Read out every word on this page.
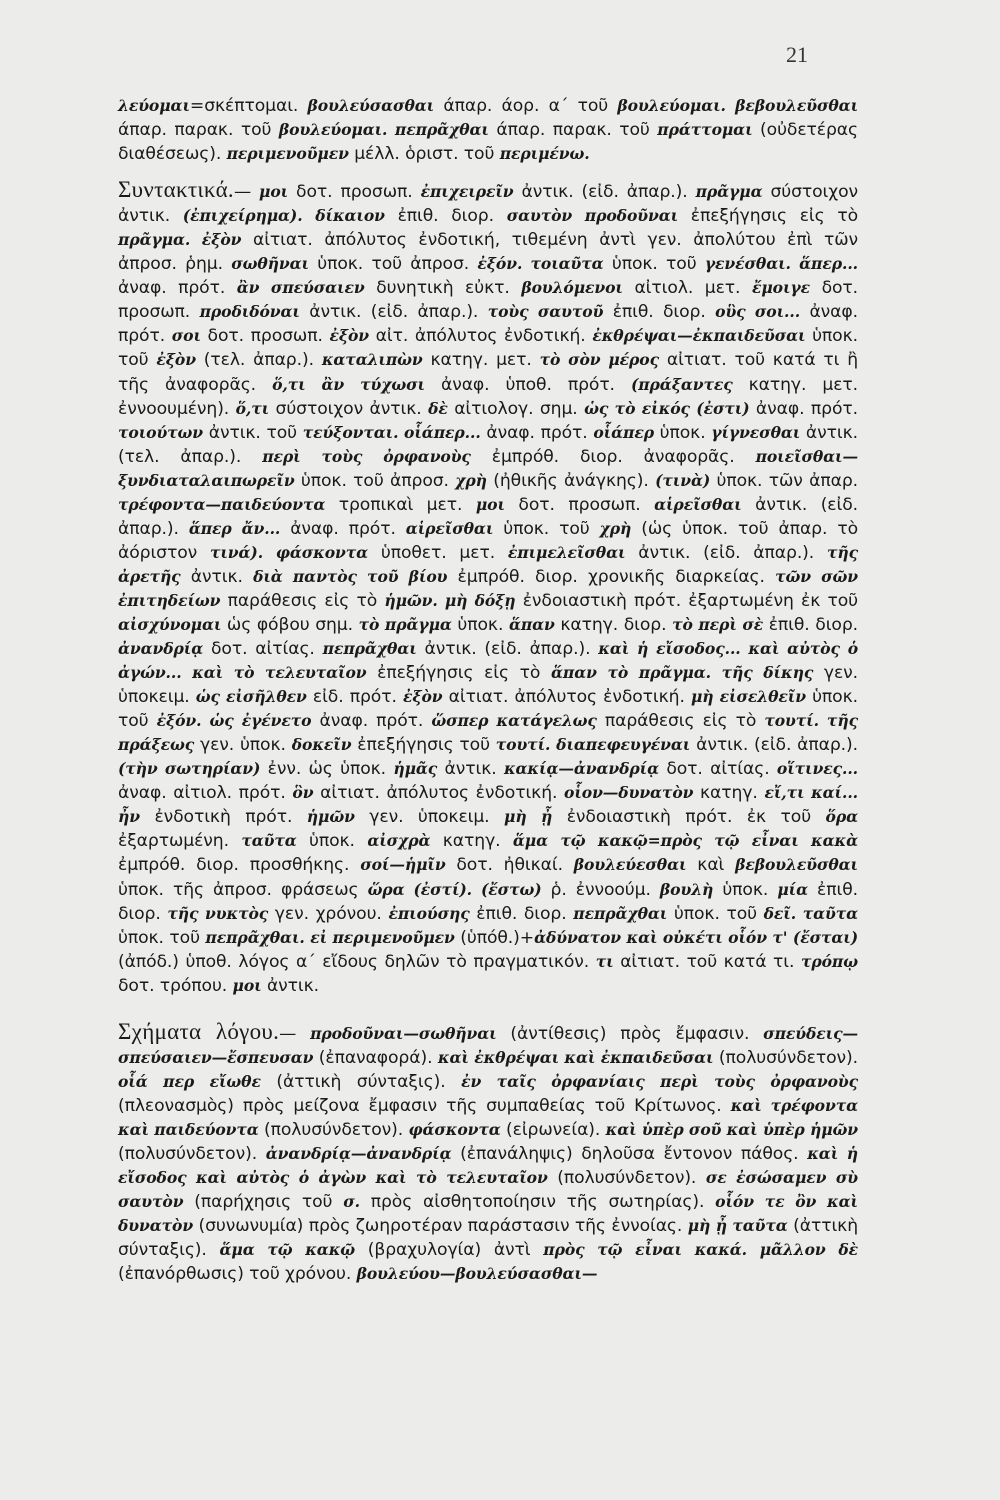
21

λεύομαι=σκέπτομαι. βουλεύσασθαι άπαρ. άορ. α΄ τοῦ βουλεύομαι. βεβουλεῦσθαι άπαρ. παρακ. τοῦ βουλεύομαι. πεπρᾶχθαι άπαρ. παρακ. τοῦ πράττομαι (οὐδετέρας διαθέσεως). περιμενοῦμεν μέλλ. ὁριστ. τοῦ περιμένω.

Συντακτικά.— μοι δοτ. προσωπ. ἐπιχειρεῖν ἀντικ. (εἰδ. ἀπαρ.). πρᾶγμα σύστοιχον ἀντικ. (ἐπιχείρημα). δίκαιον ἐπιθ. διορ. σαυτὸν προδοῦναι ἐπεξήγησις εἰς τὸ πρᾶγμα. ἐξὸν αἰτιατ. ἀπόλυτος ἐνδοτική, τιθεμένη ἀντὶ γεν. ἀπολύτου ἐπὶ τῶν ἀπροσ. ῥημ. σωθῆναι ὑποκ. τοῦ ἀπροσ. ἐξόν. τοιαῦτα ὑποκ. τοῦ γενέσθαι. ἅπερ... ἀναφ. πρότ. ἂν σπεύσαιεν δυνητικὴ εὐκτ. βουλόμενοι αἰτιολ. μετ. ἔμοιγε δοτ. προσωπ. προδιδόναι ἀντικ. (εἰδ. ἀπαρ.). τοὺς σαυτοῦ ἐπιθ. διορ. οὓς σοι... ἀναφ. πρότ. σοι δοτ. προσωπ. ἐξὸν αἰτ. ἀπόλυτος ἐνδοτική. ἐκθρέψαι—ἐκπαιδεῦσαι ὑποκ. τοῦ ἐξὸν (τελ. ἀπαρ.). καταλιπὼν κατηγ. μετ. τὸ σὸν μέρος αἰτιατ. τοῦ κατά τι ἢ τῆς ἀναφορᾶς. ὅ,τι ἂν τύχωσι ἀναφ. ὑποθ. πρότ. (πράξαντες κατηγ. μετ. ἐννοουμένη). ὅ,τι σύστοιχον ἀντικ. δὲ αἰτιολογ. σημ. ὡς τὸ εἰκός (ἐστι) ἀναφ. πρότ. τοιούτων ἀντικ. τοῦ τεύξονται. οἷάπερ... ἀναφ. πρότ. οἷάπερ ὑποκ. γίγνεσθαι ἀντικ. (τελ. ἀπαρ.). περὶ τοὺς ὀρφανοὺς ἐμπρόθ. διορ. ἀναφορᾶς. ποιεῖσθαι—ξυνδιαταλαιπωρεῖν ὑποκ. τοῦ ἀπροσ. χρὴ (ἠθικῆς ἀνάγκης). (τινὰ) ὑποκ. τῶν ἀπαρ. τρέφοντα—παιδεύοντα τροπικαὶ μετ. μοι δοτ. προσωπ. αἱρεῖσθαι ἀντικ. (εἰδ. ἀπαρ.). ἅπερ ἄν... ἀναφ. πρότ. αἱρεῖσθαι ὑποκ. τοῦ χρὴ (ὡς ὑποκ. τοῦ ἀπαρ. τὸ ἀόριστον τινά). φάσκοντα ὑποθετ. μετ. ἐπιμελεῖσθαι ἀντικ. (εἰδ. ἀπαρ.). τῆς ἀρετῆς ἀντικ. διὰ παντὸς τοῦ βίου ἐμπρόθ. διορ. χρονικῆς διαρκείας. τῶν σῶν ἐπιτηδείων παράθεσις εἰς τὸ ἡμῶν. μὴ δόξῃ ἐνδοιαστικὴ πρότ. ἐξαρτωμένη ἐκ τοῦ αἰσχύνομαι ὡς φόβου σημ. τὸ πρᾶγμα ὑποκ. ἅπαν κατηγ. διορ. τὸ περὶ σὲ ἐπιθ. διορ. ἀνανδρίᾳ δοτ. αἰτίας. πεπρᾶχθαι ἀντικ. (εἰδ. ἀπαρ.). καὶ ἡ εἴσοδος... καὶ αὐτὸς ὁ ἀγών... καὶ τὸ τελευταῖον ἐπεξήγησις εἰς τὸ ἅπαν τὸ πρᾶγμα. τῆς δίκης γεν. ὑποκειμ. ὡς εἰσῆλθεν εἰδ. πρότ. ἐξὸν αἰτιατ. ἀπόλυτος ἐνδοτική. μὴ εἰσελθεῖν ὑποκ. τοῦ ἐξόν. ὡς ἐγένετο ἀναφ. πρότ. ὥσπερ κατάγελως παράθεσις εἰς τὸ τουτί. τῆς πράξεως γεν. ὑποκ. δοκεῖν ἐπεξήγησις τοῦ τουτί. διαπεφευγέναι ἀντικ. (εἰδ. ἀπαρ.). (τὴν σωτηρίαν) ἐνν. ὡς ὑποκ. ἡμᾶς ἀντικ. κακίᾳ—ἀνανδρίᾳ δοτ. αἰτίας. οἵτινες... ἀναφ. αἰτιολ. πρότ. ὃν αἰτιατ. ἀπόλυτος ἐνδοτική. οἷον—δυνατὸν κατηγ. εἴ,τι καί... ἦν ἐνδοτικὴ πρότ. ἡμῶν γεν. ὑποκειμ. μὴ ᾖ ἐνδοιαστικὴ πρότ. ἐκ τοῦ ὅρα ἐξαρτωμένη. ταῦτα ὑποκ. αἰσχρὰ κατηγ. ἅμα τῷ κακῷ=πρὸς τῷ εἶναι κακὰ ἐμπρόθ. διορ. προσθήκης. σοί—ἡμῖν δοτ. ἠθικαί. βουλεύεσθαι καὶ βεβουλεῦσθαι ὑποκ. τῆς ἀπροσ. φράσεως ὥρα (ἐστί). (ἔστω) ῥ. ἐννοούμ. βουλὴ ὑποκ. μία ἐπιθ. διορ. τῆς νυκτὸς γεν. χρόνου. ἐπιούσης ἐπιθ. διορ. πεπρᾶχθαι ὑποκ. τοῦ δεῖ. ταῦτα ὑποκ. τοῦ πεπρᾶχθαι. εἰ περιμενοῦμεν (ὑπόθ.)+ἀδύνατον καὶ οὐκέτι οἷόν τ' (ἔσται) (ἀπόδ.) ὑποθ. λόγος α΄ εἴδους δηλῶν τὸ πραγματικόν. τι αἰτιατ. τοῦ κατά τι. τρόπῳ δοτ. τρόπου. μοι ἀντικ.

Σχήματα λόγου.— προδοῦναι—σωθῆναι (ἀντίθεσις) πρὸς ἔμφασιν. σπεύδεις—σπεύσαιεν—ἔσπευσαν (ἐπαναφορά). καὶ ἐκθρέψαι καὶ ἐκπαιδεῦσαι (πολυσύνδετον). οἷά περ εἴωθε (ἀττικὴ σύνταξις). ἐν ταῖς ὀρφανίαις περὶ τοὺς ὀρφανοὺς (πλεονασμὸς) πρὸς μείζονα ἔμφασιν τῆς συμπαθείας τοῦ Κρίτωνος. καὶ τρέφοντα καὶ παιδεύοντα (πολυσύνδετον). φάσκοντα (εἰρωνεία). καὶ ὑπὲρ σοῦ καὶ ὑπὲρ ἡμῶν (πολυσύνδετον). ἀνανδρίᾳ—ἀνανδρίᾳ (ἐπανάληψις) δηλοῦσα ἔντονον πάθος. καὶ ἡ εἴσοδος καὶ αὐτὸς ὁ ἀγὼν καὶ τὸ τελευταῖον (πολυσύνδετον). σε ἐσώσαμεν σὺ σαυτὸν (παρήχησις τοῦ σ. πρὸς αἰσθητοποίησιν τῆς σωτηρίας). οἷόν τε ὂν καὶ δυνατὸν (συνωνυμία) πρὸς ζωηροτέραν παράστασιν τῆς ἐννοίας. μὴ ᾖ ταῦτα (ἀττικὴ σύνταξις). ἅμα τῷ κακῷ (βραχυλογία) ἀντὶ πρὸς τῷ εἶναι κακά. μᾶλλον δὲ (ἐπανόρθωσις) τοῦ χρόνου. βουλεύου—βουλεύσασθαι—
